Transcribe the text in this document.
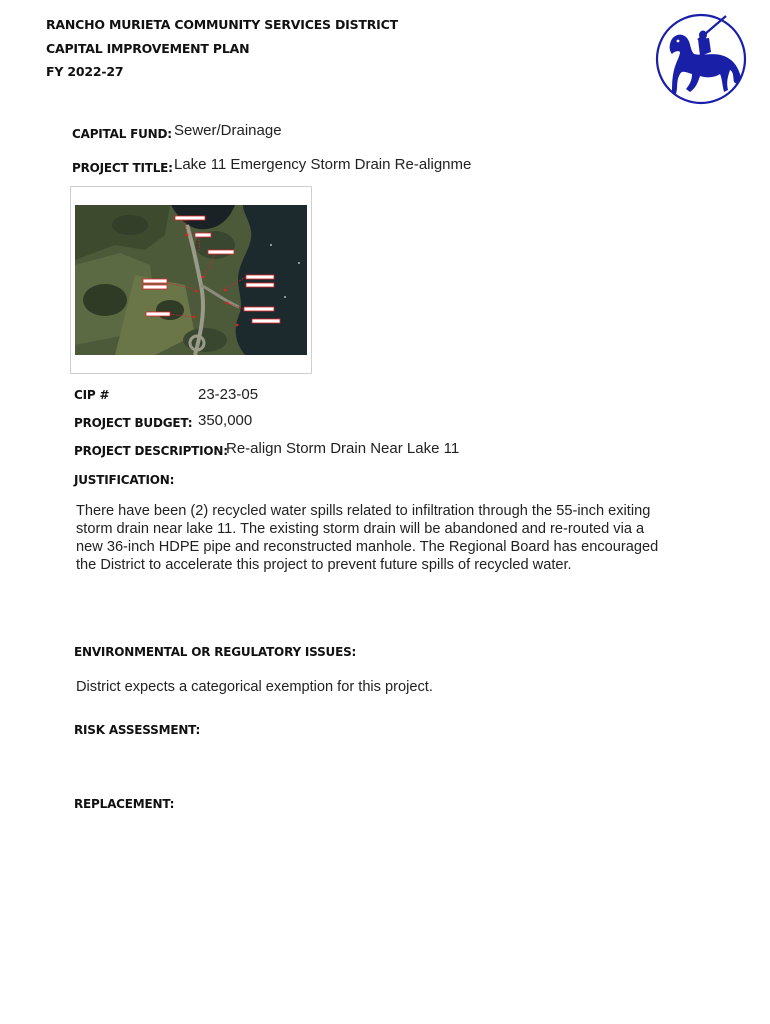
RANCHO MURIETA COMMUNITY SERVICES DISTRICT
CAPITAL IMPROVEMENT PLAN
FY 2022-27
CAPITAL FUND: Sewer/Drainage
PROJECT TITLE: Lake 11 Emergency Storm Drain Re-alignme
CIP #	23-23-05
PROJECT BUDGET: 350,000
PROJECT DESCRIPTION:
Re-align Storm Drain Near Lake 11
JUSTIFICATION:
There have been (2) recycled water spills related to infiltration through the 55-inch exiting
storm drain near lake 11. The existing storm drain will be abandoned and re-routed via a
new 36-inch HDPE pipe and reconstructed manhole. The Regional Board has encouraged
the District to accelerate this project to prevent future spills of recycled water.
ENVIRONMENTAL OR REGULATORY ISSUES:
District expects a categorical exemption for this project.
RISK ASSESSMENT:
REPLACEMENT:
